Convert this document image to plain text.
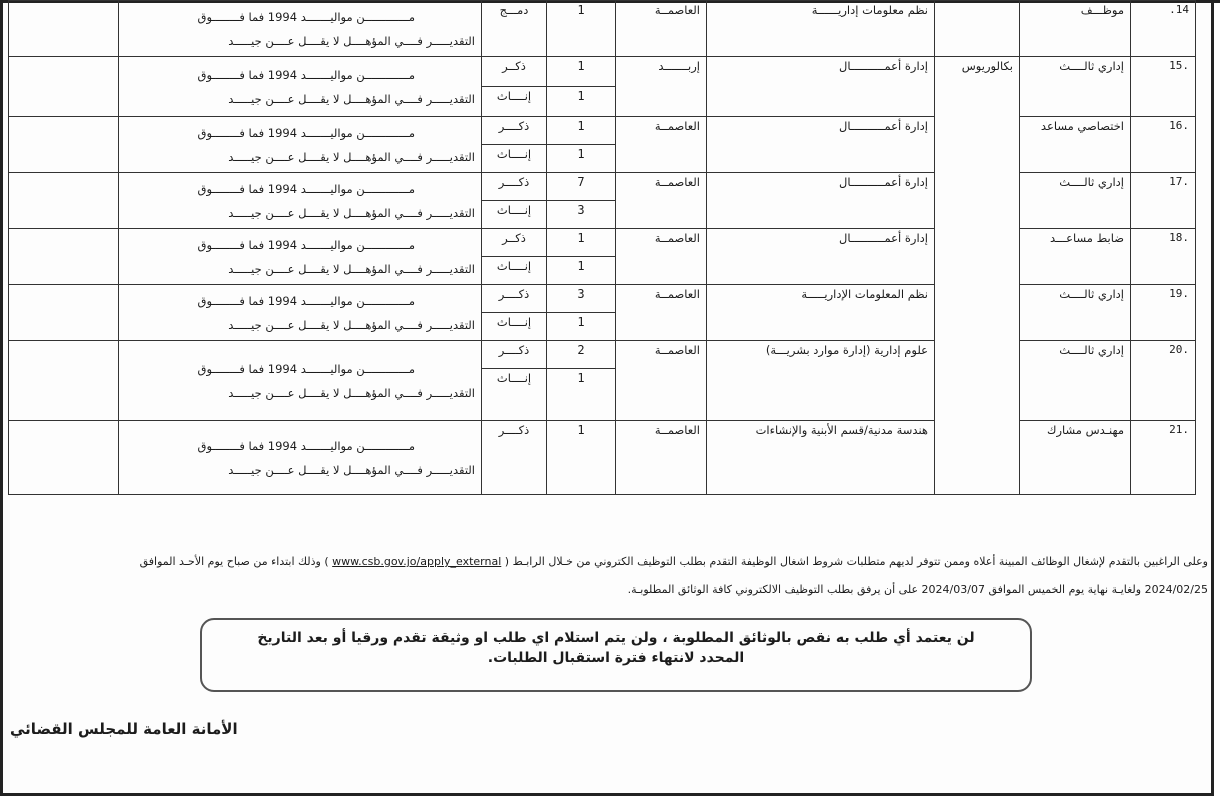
14.	موظـــف		نظم معلومات إداريــــــة	العاصمــة	1	دمـــج	مـــــــــــــن مواليـــــــد 1994 فما فــــــــوق
التقديـــــر فــــي المؤهــــل لا يقــــل عــــن جيـــــد	

.15	إداري ثالــــث	بكالوريوس	إدارة أعمــــــــــال	إربـــــــد	1	ذكــر	مـــــــــــــن مواليـــــــد 1994 فما فــــــــوق
التقديـــــر فــــي المؤهــــل لا يقــــل عــــن جيـــــد	

					1	إنــــاث		
.16	اختصاصي مساعد		إدارة أعمــــــــــال	العاصمــة	1	ذكــــر	مـــــــــــــن مواليـــــــد 1994 فما فــــــــوق
التقديـــــر فــــي المؤهــــل لا يقــــل عــــن جيـــــد	

					1	إنــــاث		
.17	إداري ثالــــث		إدارة أعمــــــــــال	العاصمــة	7	ذكــــر	مـــــــــــــن مواليـــــــد 1994 فما فــــــــوق
التقديـــــر فــــي المؤهــــل لا يقــــل عــــن جيـــــد	

					3	إنــــاث		
.18	ضابط مساعـــد		إدارة أعمــــــــــال	العاصمــة	1	ذكــر	مـــــــــــــن مواليـــــــد 1994 فما فــــــــوق
التقديـــــر فــــي المؤهــــل لا يقــــل عــــن جيـــــد	

					1	إنــــاث		
.19	إداري ثالــــث		نظم المعلومات الإداريـــــة	العاصمــة	3	ذكــــر	مـــــــــــــن مواليـــــــد 1994 فما فــــــــوق
التقديـــــر فــــي المؤهــــل لا يقــــل عــــن جيـــــد	

					1	إنــــاث		
.20	إداري ثالــــث		علوم إدارية (إدارة موارد بشريـــة)	العاصمــة	2	ذكــــر	مـــــــــــــن مواليـــــــد 1994 فما فــــــــوق
التقديـــــر فــــي المؤهــــل لا يقــــل عــــن جيـــــد	

					1	إنــــاث		
.21	مهنـدس مشارك		هندسة مدنية/قسم الأبنية والإنشاءات	العاصمــة	1	ذكــــر	مـــــــــــــن مواليـــــــد 1994 فما فــــــــوق
التقديـــــر فــــي المؤهــــل لا يقــــل عــــن جيـــــد	

وعلى الراغبين بالتقدم لإشغال الوظائف المبينة أعلاه وممن تتوفر لديهم متطلبات شروط اشغال الوظيفة التقدم بطلب التوظيف الكتروني من خـلال الرابـط ( www.csb.gov.jo/apply_external ) وذلك ابتداء من صباح يوم الأحـد الموافق
2024/02/25 ولغايـة نهاية يوم الخميس الموافق 2024/03/07 على أن يرفق بطلب التوظيف الالكتروني كافة الوثائق المطلوبـة.
لن يعتمد أي طلب به نقص بالوثائق المطلوبة ، ولن يتم استلام اي طلب او وثيقة تقدم ورقيا أو بعد التاريخ
المحدد لانتهاء فترة استقبال الطلبات.
الأمانة العامة للمجلس القضائي
